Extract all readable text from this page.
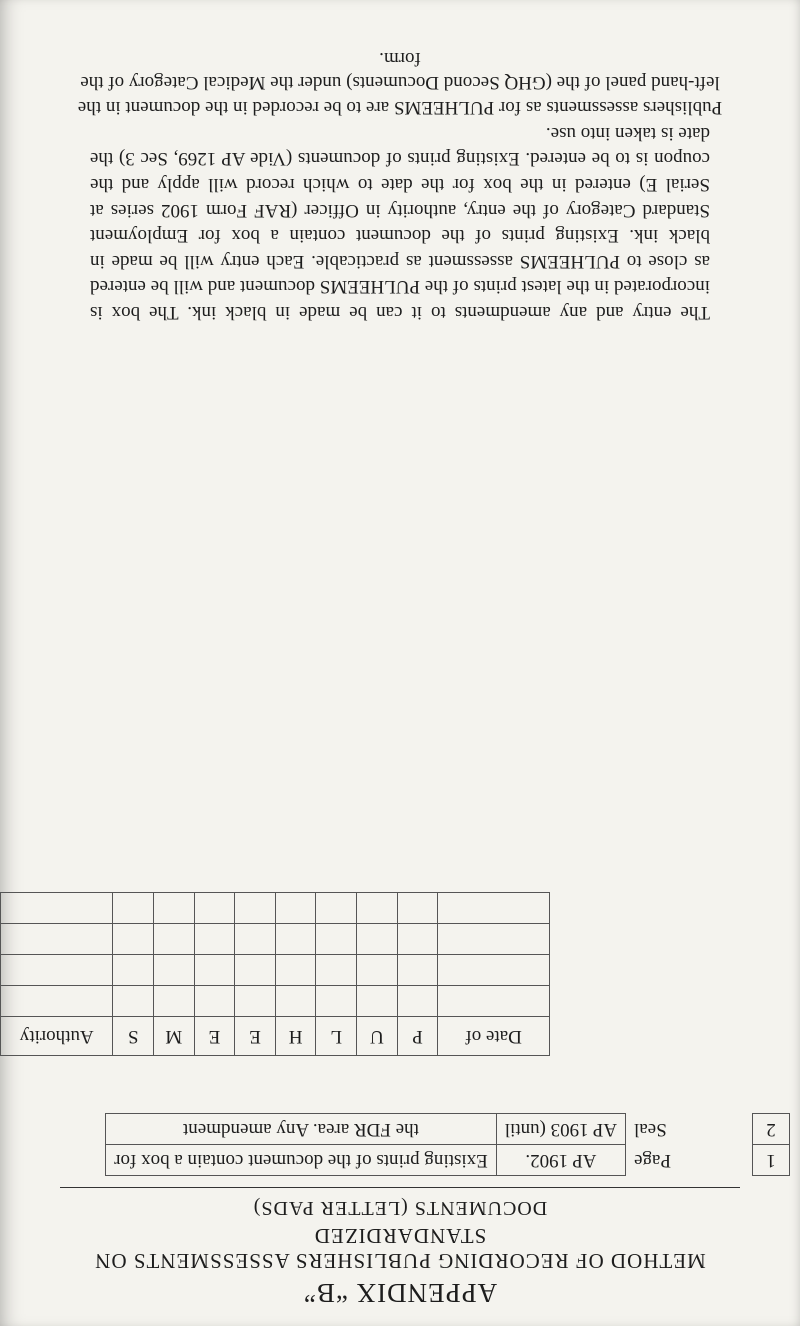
APPENDIX “B”
METHOD OF RECORDING PUBLISHERS ASSESSMENTS ON STANDARDIZED
DOCUMENTS (LETTER PADS)
1	Page	AP 1902.	Existing prints of the document contain a box for
2	Seal	AP 1903 (until	the FDR area. Any amendment
Date of	P	U	L	H	E	E	M	S	Authority

The entry and any amendments to it can be made in black ink. The box is incorporated in the latest prints of the PULHEEMS document and will be entered as close to PULHEEMS assessment as practicable. Each entry will be made in black ink. Existing prints of the document contain a box for Employment Standard Category of the entry, authority in Officer (RAF Form 1902 series at Serial E) entered in the box for the date to which record will apply and the coupon is to be entered. Existing prints of documents (Vide AP 1269, Sec 3) the date is taken into use.
Publishers assessments as for PULHEEMS are to be recorded in the document in the left-hand panel of the (GHQ Second Documents) under the Medical Category of the form.
